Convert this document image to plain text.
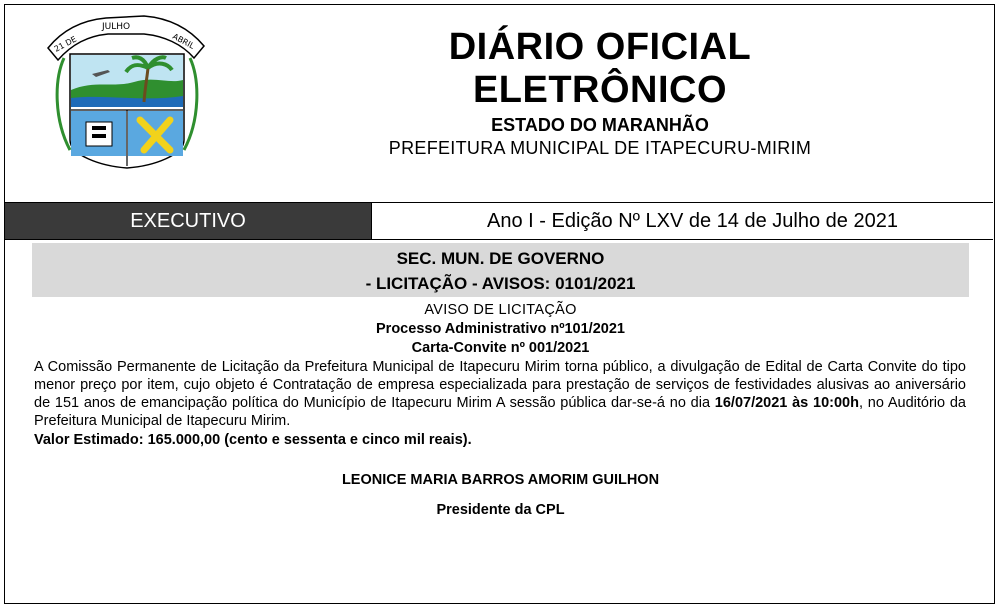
JULHO
21 DE	ABRIL	DIÁRIO OFICIAL
ELETRÔNICO
ESTADO DO MARANHÃO
PREFEITURA MUNICIPAL DE ITAPECURU-MIRIM
EXECUTIVO	Ano I - Edição Nº LXV de 14 de Julho de 2021
SEC. MUN. DE GOVERNO
- LICITAÇÃO - AVISOS: 0101/2021
AVISO DE LICITAÇÃO
Processo Administrativo nº101/2021
Carta-Convite nº 001/2021
A Comissão Permanente de Licitação da Prefeitura Municipal de Itapecuru Mirim torna público, a divulgação de Edital de Carta Convite do tipo menor preço por item, cujo objeto é Contratação de empresa especializada para prestação de serviços de festividades alusivas ao aniversário de 151 anos de emancipação política do Município de Itapecuru Mirim A sessão pública dar-se-á no dia 16/07/2021 às 10:00h, no Auditório da Prefeitura Municipal de Itapecuru Mirim.
Valor Estimado: 165.000,00 (cento e sessenta e cinco mil reais).
LEONICE MARIA BARROS AMORIM GUILHON
Presidente da CPL
